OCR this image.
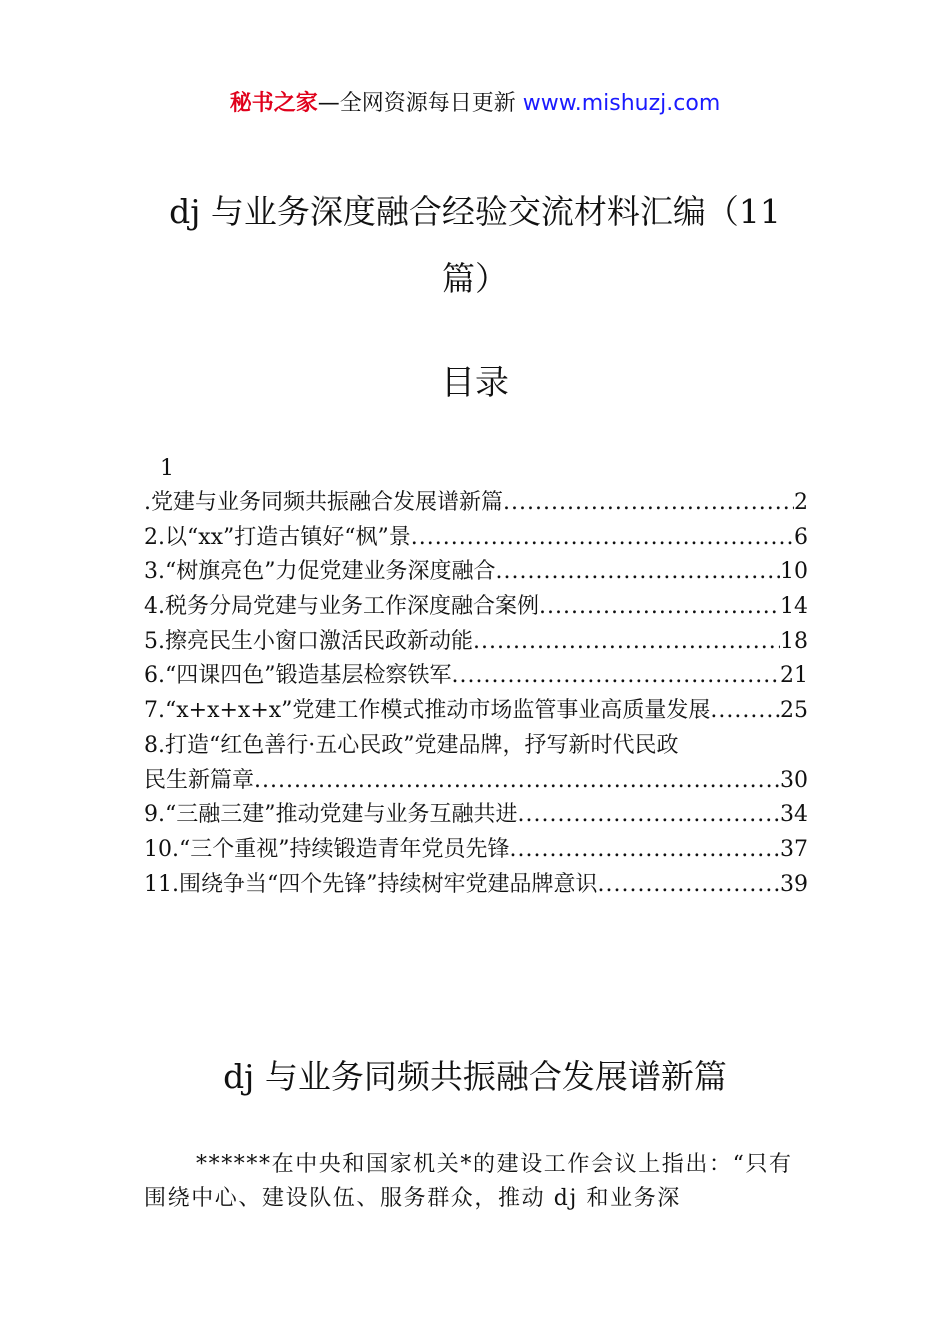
秘书之家—全网资源每日更新 www.mishuzj.com
dj 与业务深度融合经验交流材料汇编（11 篇）
目录
1
.党建与业务同频共振融合发展谱新篇 .....	2
2.以“xx”打造古镇好“枫”景 .....	6
3.“树旗亮色”力促党建业务深度融合 .....	10
4.税务分局党建与业务工作深度融合案例 .....	14
5.擦亮民生小窗口激活民政新动能 .....	18
6.“四课四色”锻造基层检察铁军 .....	21
7.“x+x+x+x”党建工作模式推动市场监管事业高质量发展 .....	25
8.打造“红色善行·五心民政”党建品牌，抒写新时代民政
民生新篇章 .....	30
9.“三融三建”推动党建与业务互融共进 .....	34
10.“三个重视”持续锻造青年党员先锋 .....	37
11.围绕争当“四个先锋”持续树牢党建品牌意识 .....	39
dj 与业务同频共振融合发展谱新篇

******在中央和国家机关*的建设工作会议上指出：“只有围绕中心、建设队伍、服务群众，推动 dj 和业务深
